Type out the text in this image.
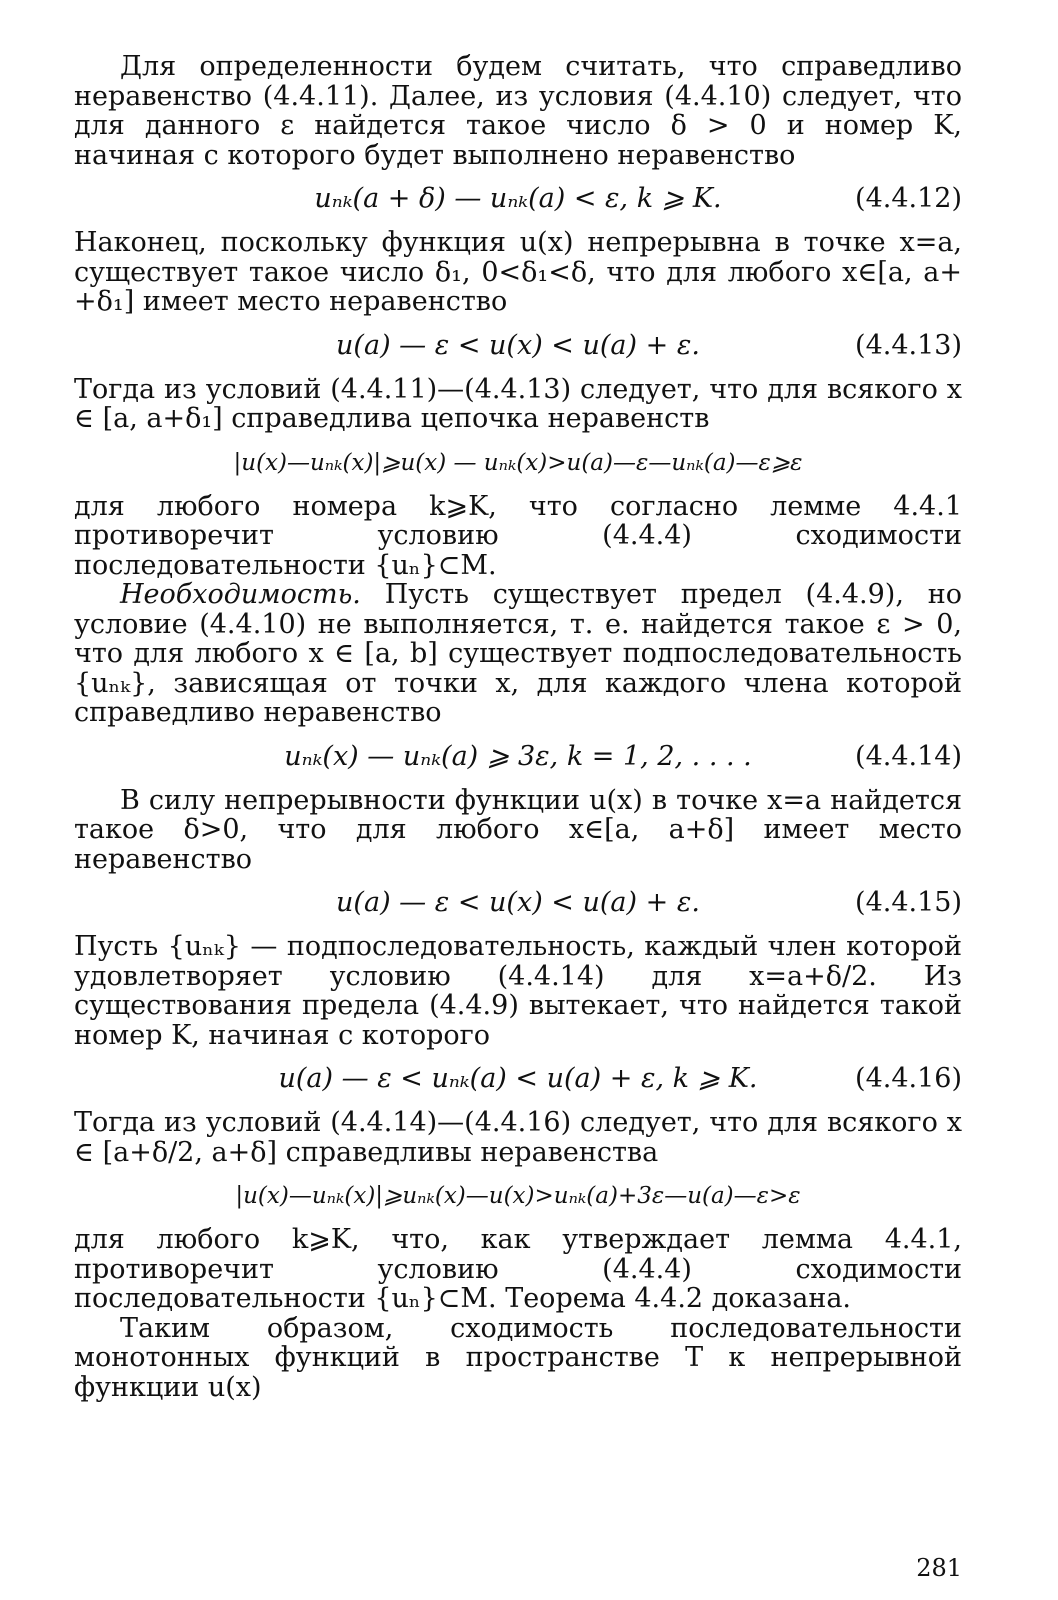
Для определенности будем считать, что справедливо неравенство (4.4.11). Далее, из условия (4.4.10) следует, что для данного ε найдется такое число δ > 0 и номер K, начиная с которого будет выполнено неравенство

uₙₖ(a + δ) — uₙₖ(a) < ε, k ⩾ K.	(4.4.12)

Наконец, поскольку функция u(x) непрерывна в точке x=a, существует такое число δ₁, 0<δ₁<δ, что для любого x∈[a, a+ +δ₁] имеет место неравенство

u(a) — ε < u(x) < u(a) + ε.	(4.4.13)

Тогда из условий (4.4.11)—(4.4.13) следует, что для всякого x ∈ [a, a+δ₁] справедлива цепочка неравенств

|u(x)—uₙₖ(x)|⩾u(x) — uₙₖ(x)>u(a)—ε—uₙₖ(a)—ε⩾ε

для любого номера k⩾K, что согласно лемме 4.4.1 противоречит условию (4.4.4) сходимости последовательности {uₙ}⊂M.

Необходимость. Пусть существует предел (4.4.9), но условие (4.4.10) не выполняется, т. е. найдется такое ε > 0, что для любого x ∈ [a, b] существует подпоследовательность {uₙₖ}, зависящая от точки x, для каждого члена которой справедливо неравенство

uₙₖ(x) — uₙₖ(a) ⩾ 3ε, k = 1, 2, . . . .	(4.4.14)

В силу непрерывности функции u(x) в точке x=a найдется такое δ>0, что для любого x∈[a, a+δ] имеет место неравенство

u(a) — ε < u(x) < u(a) + ε.	(4.4.15)

Пусть {uₙₖ} — подпоследовательность, каждый член которой удовлетворяет условию (4.4.14) для x=a+δ/2. Из существования предела (4.4.9) вытекает, что найдется такой номер K, начиная с которого

u(a) — ε < uₙₖ(a) < u(a) + ε, k ⩾ K.	(4.4.16)

Тогда из условий (4.4.14)—(4.4.16) следует, что для всякого x ∈ [a+δ/2, a+δ] справедливы неравенства

|u(x)—uₙₖ(x)|⩾uₙₖ(x)—u(x)>uₙₖ(a)+3ε—u(a)—ε>ε

для любого k⩾K, что, как утверждает лемма 4.4.1, противоречит условию (4.4.4) сходимости последовательности {uₙ}⊂M. Теорема 4.4.2 доказана.

Таким образом, сходимость последовательности монотонных функций в пространстве T к непрерывной функции u(x)

281
